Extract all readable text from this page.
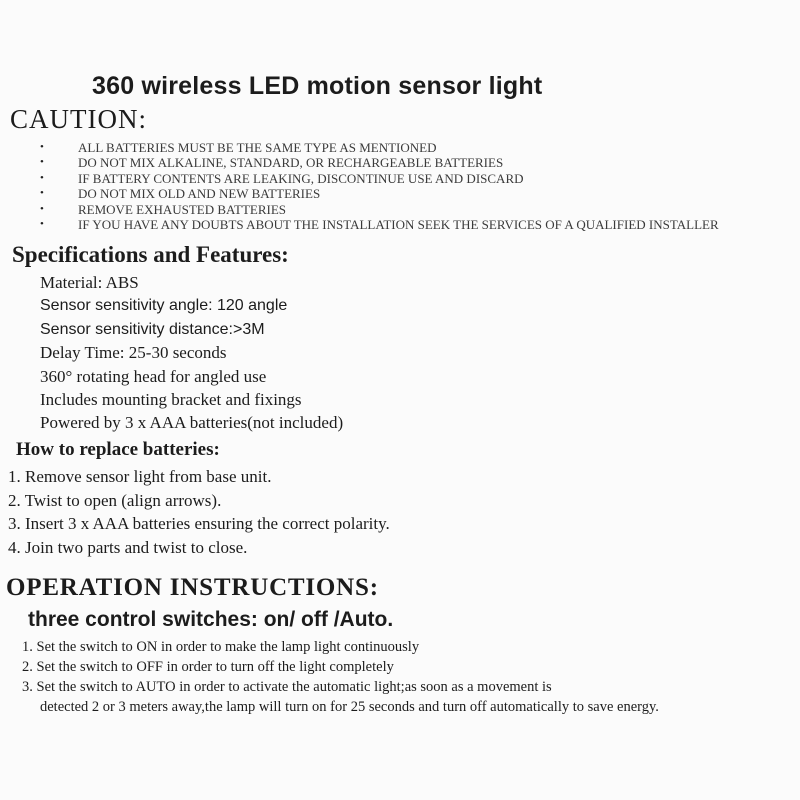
360 wireless LED motion sensor light
CAUTION:
•	ALL BATTERIES MUST BE THE SAME TYPE AS MENTIONED
•	DO NOT MIX ALKALINE, STANDARD, OR RECHARGEABLE BATTERIES
•	IF BATTERY CONTENTS ARE LEAKING, DISCONTINUE USE AND DISCARD
•	DO NOT MIX OLD AND NEW BATTERIES
•	REMOVE EXHAUSTED BATTERIES
•	IF YOU HAVE ANY DOUBTS ABOUT THE INSTALLATION SEEK THE SERVICES OF A QUALIFIED INSTALLER
Specifications and Features:
Material: ABS
Sensor sensitivity angle: 120 angle
Sensor sensitivity distance:>3M
Delay Time: 25-30 seconds
360° rotating head for angled use
Includes mounting bracket and fixings
Powered by 3 x AAA batteries(not included)
How to replace batteries:
1. Remove sensor light from base unit.
2. Twist to open (align arrows).
3. Insert 3 x AAA batteries ensuring the correct polarity.
4. Join two parts and twist to close.
OPERATION INSTRUCTIONS:
three control switches: on/ off /Auto.
1. Set the switch to ON in order to make the lamp light continuously
2. Set the switch to OFF in order to turn off the light completely
3. Set the switch to AUTO in order to activate the automatic light;as soon as a movement is
detected 2 or 3 meters away,the lamp will turn on for 25 seconds and turn off automatically to save energy.
